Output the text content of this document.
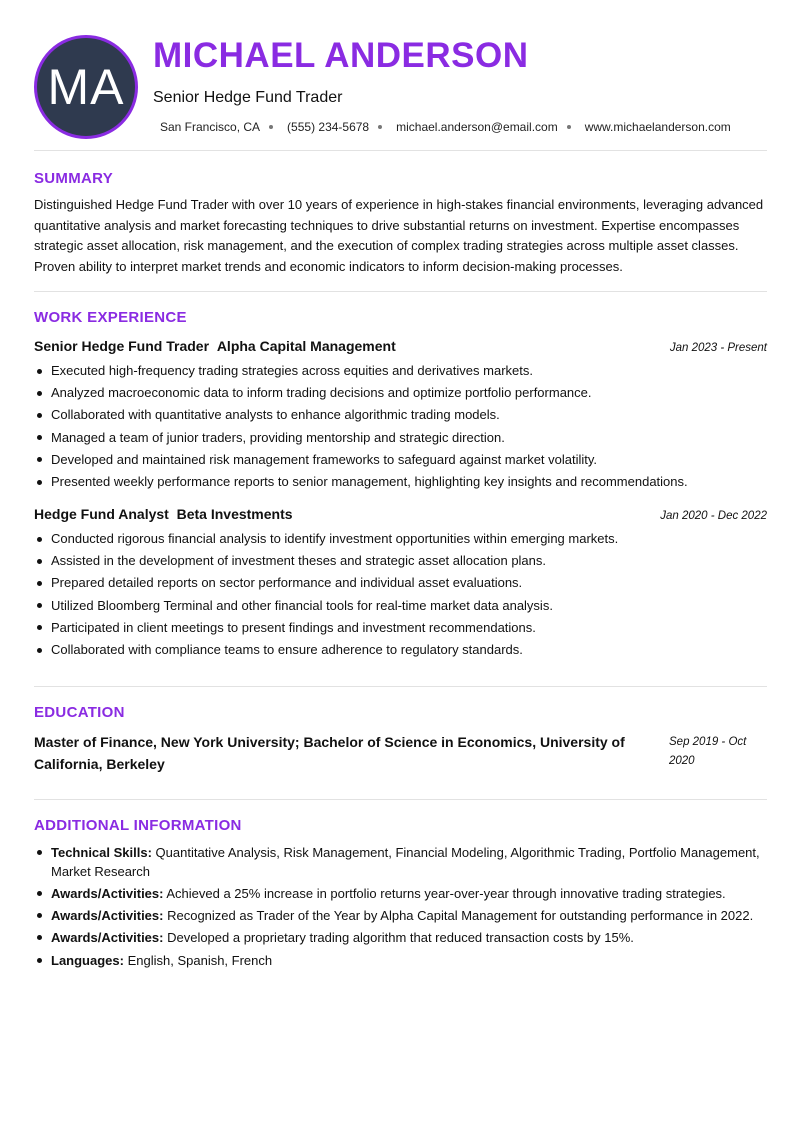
MA
MICHAEL ANDERSON
Senior Hedge Fund Trader
San Francisco, CA (555) 234-5678 michael.anderson@email.com www.michaelanderson.com
SUMMARY
Distinguished Hedge Fund Trader with over 10 years of experience in high-stakes financial environments, leveraging advanced quantitative analysis and market forecasting techniques to drive substantial returns on investment. Expertise encompasses strategic asset allocation, risk management, and the execution of complex trading strategies across multiple asset classes. Proven ability to interpret market trends and economic indicators to inform decision-making processes.
WORK EXPERIENCE
Senior Hedge Fund Trader Alpha Capital Management	Jan 2023 - Present
Executed high-frequency trading strategies across equities and derivatives markets.
Analyzed macroeconomic data to inform trading decisions and optimize portfolio performance.
Collaborated with quantitative analysts to enhance algorithmic trading models.
Managed a team of junior traders, providing mentorship and strategic direction.
Developed and maintained risk management frameworks to safeguard against market volatility.
Presented weekly performance reports to senior management, highlighting key insights and recommendations.
Hedge Fund Analyst Beta Investments	Jan 2020 - Dec 2022
Conducted rigorous financial analysis to identify investment opportunities within emerging markets.
Assisted in the development of investment theses and strategic asset allocation plans.
Prepared detailed reports on sector performance and individual asset evaluations.
Utilized Bloomberg Terminal and other financial tools for real-time market data analysis.
Participated in client meetings to present findings and investment recommendations.
Collaborated with compliance teams to ensure adherence to regulatory standards.
EDUCATION
Master of Finance, New York University; Bachelor of Science in Economics, University of California, Berkeley
Sep 2019 - Oct 2020
ADDITIONAL INFORMATION
Technical Skills: Quantitative Analysis, Risk Management, Financial Modeling, Algorithmic Trading, Portfolio Management, Market Research
Awards/Activities: Achieved a 25% increase in portfolio returns year-over-year through innovative trading strategies.
Awards/Activities: Recognized as Trader of the Year by Alpha Capital Management for outstanding performance in 2022.
Awards/Activities: Developed a proprietary trading algorithm that reduced transaction costs by 15%.
Languages: English, Spanish, French
